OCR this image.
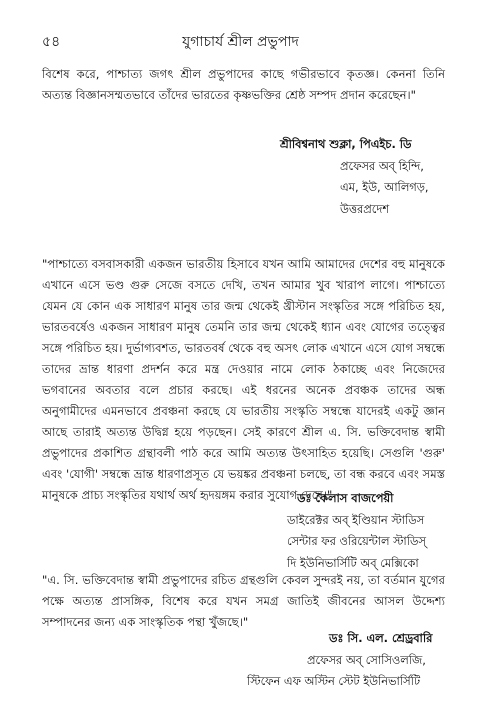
৫৪	যুগাচার্য শ্রীল প্রভুপাদ

বিশেষ করে, পাশ্চাত্য জগৎ শ্রীল প্রভুপাদের কাছে গভীরভাবে কৃতজ্ঞ। কেননা তিনি অত্যন্ত বিজ্ঞানসম্মতভাবে তাঁদের ভারতের কৃষ্ণভক্তির শ্রেষ্ঠ সম্পদ প্রদান করেছেন।"

শ্রীবিশ্বনাথ শুক্লা, পিএইচ. ডি
প্রফেসর অব্ হিন্দি,
এম, ইউ, আলিগড়,
উত্তরপ্রদেশ

"পাশ্চাত্যে বসবাসকারী একজন ভারতীয় হিসাবে যখন আমি আমাদের দেশের বহু মানুষকে এখানে এসে ভণ্ড গুরু সেজে বসতে দেখি, তখন আমার খুব খারাপ লাগে। পাশ্চাত্যে যেমন যে কোন এক সাধারণ মানুষ তার জন্ম থেকেই খ্রীস্টান সংস্কৃতির সঙ্গে পরিচিত হয়, ভারতবর্ষেও একজন সাধারণ মানুষ তেমনি তার জন্ম থেকেই ধ্যান এবং যোগের তত্ত্বের সঙ্গে পরিচিত হয়। দুর্ভাগ্যবশত, ভারতবর্ষ থেকে বহু অসৎ লোক এখানে এসে যোগ সম্বন্ধে তাদের ভ্রান্ত ধারণা প্রদর্শন করে মন্ত্র দেওয়ার নামে লোক ঠকাচ্ছে এবং নিজেদের ভগবানের অবতার বলে প্রচার করছে। এই ধরনের অনেক প্রবঞ্চক তাদের অন্ধ অনুগামীদের এমনভাবে প্রবঞ্চনা করছে যে ভারতীয় সংস্কৃতি সম্বন্ধে যাদেরই একটু জ্ঞান আছে তারাই অত্যন্ত উদ্বিগ্ন হয়ে পড়ছেন। সেই কারণে শ্রীল এ. সি. ভক্তিবেদান্ত স্বামী প্রভুপাদের প্রকাশিত গ্রন্থাবলী পাঠ করে আমি অত্যন্ত উৎসাহিত হয়েছি। সেগুলি 'গুরু' এবং 'যোগী' সম্বন্ধে ভ্রান্ত ধারণাপ্রসূত যে ভয়ঙ্কর প্রবঞ্চনা চলছে, তা বন্ধ করবে এবং সমস্ত মানুষকে প্রাচ্য সংস্কৃতির যথার্থ অর্থ হৃদয়ঙ্গম করার সুযোগ দেবে।"

ডঃ কৈলাস বাজপেয়ী
ডাইরেক্টর অব্ ইণ্ডিয়ান স্টাডিস
সেন্টার ফর ওরিয়েন্টাল স্টাডিস্
দি ইউনিভার্সিটি অব্ মেক্সিকো

"এ. সি. ভক্তিবেদান্ত স্বামী প্রভুপাদের রচিত গ্রন্থগুলি কেবল সুন্দরই নয়, তা বর্তমান যুগের পক্ষে অত্যন্ত প্রাসঙ্গিক, বিশেষ করে যখন সমগ্র জাতিই জীবনের আসল উদ্দেশ্য সম্পাদনের জন্য এক সাংস্কৃতিক পন্থা খুঁজছে।"

ডঃ সি. এল. শ্রেড্রবারি
প্রফেসর অব্ সোসিওলজি,
স্টিফেন এফ অস্টিন স্টেট ইউনিভার্সিটি
